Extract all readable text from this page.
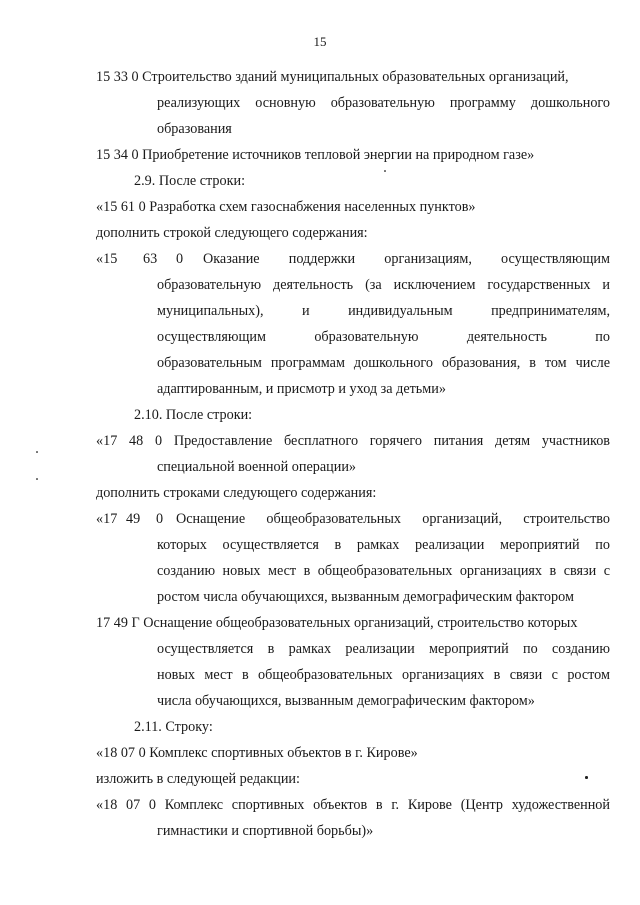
15
15 33 0 Строительство зданий муниципальных образовательных организаций,
реализующих основную образовательную программу дошкольного
образования
15 34 0 Приобретение источников тепловой энергии на природном газе»
2.9. После строки:
«15 61 0 Разработка схем газоснабжения населенных пунктов»
дополнить строкой следующего содержания:
«15 63 0 Оказание поддержки организациям, осуществляющим
образовательную деятельность (за исключением государственных и
муниципальных), и индивидуальным предпринимателям,
осуществляющим образовательную деятельность по
образовательным программам дошкольного образования, в том числе
адаптированным, и присмотр и уход за детьми»
2.10. После строки:
«17 48 0 Предоставление бесплатного горячего питания детям участников
специальной военной операции»
дополнить строками следующего содержания:
«17 49 0 Оснащение общеобразовательных организаций, строительство
которых осуществляется в рамках реализации мероприятий по
созданию новых мест в общеобразовательных организациях в связи с
ростом числа обучающихся, вызванным демографическим фактором
17 49 Г Оснащение общеобразовательных организаций, строительство которых
осуществляется в рамках реализации мероприятий по созданию
новых мест в общеобразовательных организациях в связи с ростом
числа обучающихся, вызванным демографическим фактором»
2.11. Строку:
«18 07 0 Комплекс спортивных объектов в г. Кирове»
изложить в следующей редакции:
«18 07 0 Комплекс спортивных объектов в г. Кирове (Центр художественной
гимнастики и спортивной борьбы)»
